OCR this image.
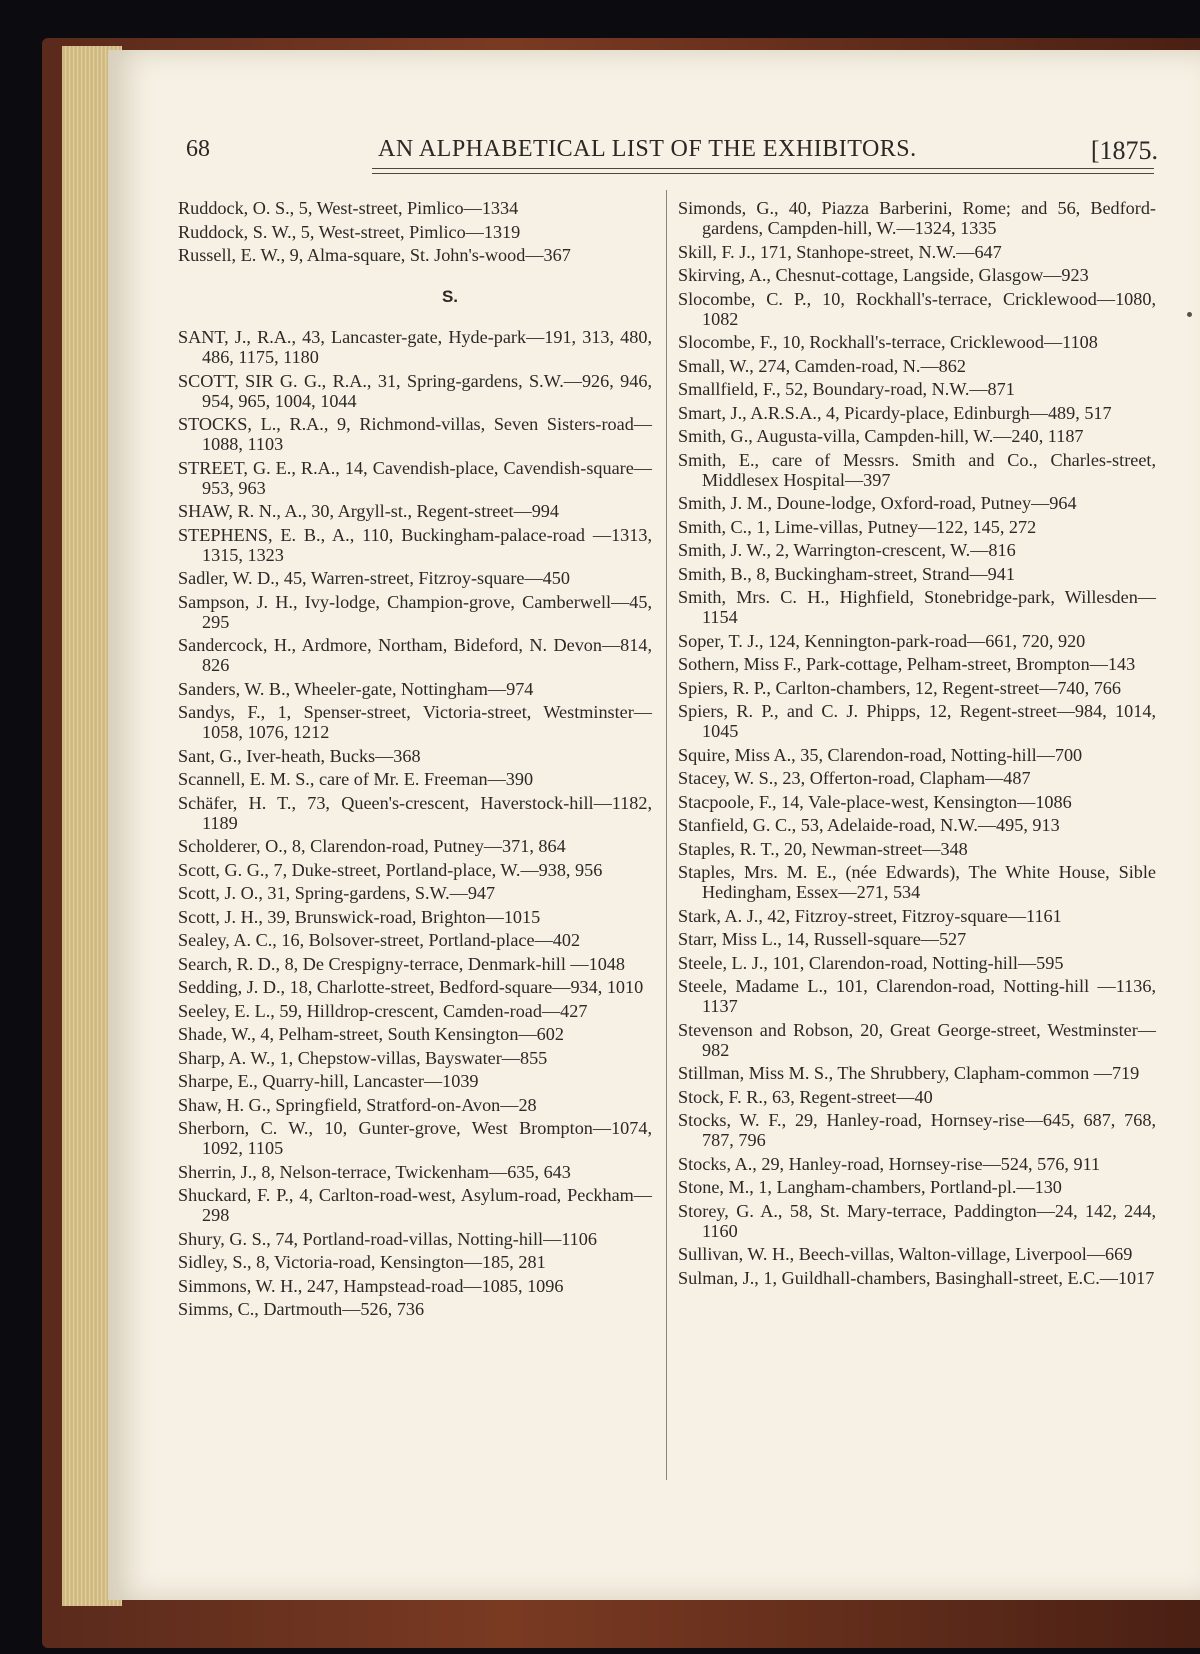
68	AN ALPHABETICAL LIST OF THE EXHIBITORS.	[1875.

Ruddock, O. S., 5, West-street, Pimlico—1334

Ruddock, S. W., 5, West-street, Pimlico—1319

Russell, E. W., 9, Alma-square, St. John's-wood—367

S.

SANT, J., R.A., 43, Lancaster-gate, Hyde-park—191, 313, 480, 486, 1175, 1180

SCOTT, SIR G. G., R.A., 31, Spring-gardens, S.W.—926, 946, 954, 965, 1004, 1044

STOCKS, L., R.A., 9, Richmond-villas, Seven Sisters-road—1088, 1103

STREET, G. E., R.A., 14, Cavendish-place, Cavendish-square—953, 963

SHAW, R. N., A., 30, Argyll-st., Regent-street—994

STEPHENS, E. B., A., 110, Buckingham-palace-road —1313, 1315, 1323

Sadler, W. D., 45, Warren-street, Fitzroy-square—450

Sampson, J. H., Ivy-lodge, Champion-grove, Camberwell—45, 295

Sandercock, H., Ardmore, Northam, Bideford, N. Devon—814, 826

Sanders, W. B., Wheeler-gate, Nottingham—974

Sandys, F., 1, Spenser-street, Victoria-street, Westminster—1058, 1076, 1212

Sant, G., Iver-heath, Bucks—368

Scannell, E. M. S., care of Mr. E. Freeman—390

Schäfer, H. T., 73, Queen's-crescent, Haverstock-hill—1182, 1189

Scholderer, O., 8, Clarendon-road, Putney—371, 864

Scott, G. G., 7, Duke-street, Portland-place, W.—938, 956

Scott, J. O., 31, Spring-gardens, S.W.—947

Scott, J. H., 39, Brunswick-road, Brighton—1015

Sealey, A. C., 16, Bolsover-street, Portland-place—402

Search, R. D., 8, De Crespigny-terrace, Denmark-hill —1048

Sedding, J. D., 18, Charlotte-street, Bedford-square—934, 1010

Seeley, E. L., 59, Hilldrop-crescent, Camden-road—427

Shade, W., 4, Pelham-street, South Kensington—602

Sharp, A. W., 1, Chepstow-villas, Bayswater—855

Sharpe, E., Quarry-hill, Lancaster—1039

Shaw, H. G., Springfield, Stratford-on-Avon—28

Sherborn, C. W., 10, Gunter-grove, West Brompton—1074, 1092, 1105

Sherrin, J., 8, Nelson-terrace, Twickenham—635, 643

Shuckard, F. P., 4, Carlton-road-west, Asylum-road, Peckham—298

Shury, G. S., 74, Portland-road-villas, Notting-hill—1106

Sidley, S., 8, Victoria-road, Kensington—185, 281

Simmons, W. H., 247, Hampstead-road—1085, 1096

Simms, C., Dartmouth—526, 736

Simonds, G., 40, Piazza Barberini, Rome; and 56, Bedford-gardens, Campden-hill, W.—1324, 1335

Skill, F. J., 171, Stanhope-street, N.W.—647

Skirving, A., Chesnut-cottage, Langside, Glasgow—923

Slocombe, C. P., 10, Rockhall's-terrace, Cricklewood—1080, 1082

Slocombe, F., 10, Rockhall's-terrace, Cricklewood—1108

Small, W., 274, Camden-road, N.—862

Smallfield, F., 52, Boundary-road, N.W.—871

Smart, J., A.R.S.A., 4, Picardy-place, Edinburgh—489, 517

Smith, G., Augusta-villa, Campden-hill, W.—240, 1187

Smith, E., care of Messrs. Smith and Co., Charles-street, Middlesex Hospital—397

Smith, J. M., Doune-lodge, Oxford-road, Putney—964

Smith, C., 1, Lime-villas, Putney—122, 145, 272

Smith, J. W., 2, Warrington-crescent, W.—816

Smith, B., 8, Buckingham-street, Strand—941

Smith, Mrs. C. H., Highfield, Stonebridge-park, Willesden—1154

Soper, T. J., 124, Kennington-park-road—661, 720, 920

Sothern, Miss F., Park-cottage, Pelham-street, Brompton—143

Spiers, R. P., Carlton-chambers, 12, Regent-street—740, 766

Spiers, R. P., and C. J. Phipps, 12, Regent-street—984, 1014, 1045

Squire, Miss A., 35, Clarendon-road, Notting-hill—700

Stacey, W. S., 23, Offerton-road, Clapham—487

Stacpoole, F., 14, Vale-place-west, Kensington—1086

Stanfield, G. C., 53, Adelaide-road, N.W.—495, 913

Staples, R. T., 20, Newman-street—348

Staples, Mrs. M. E., (née Edwards), The White House, Sible Hedingham, Essex—271, 534

Stark, A. J., 42, Fitzroy-street, Fitzroy-square—1161

Starr, Miss L., 14, Russell-square—527

Steele, L. J., 101, Clarendon-road, Notting-hill—595

Steele, Madame L., 101, Clarendon-road, Notting-hill —1136, 1137

Stevenson and Robson, 20, Great George-street, Westminster—982

Stillman, Miss M. S., The Shrubbery, Clapham-common —719

Stock, F. R., 63, Regent-street—40

Stocks, W. F., 29, Hanley-road, Hornsey-rise—645, 687, 768, 787, 796

Stocks, A., 29, Hanley-road, Hornsey-rise—524, 576, 911

Stone, M., 1, Langham-chambers, Portland-pl.—130

Storey, G. A., 58, St. Mary-terrace, Paddington—24, 142, 244, 1160

Sullivan, W. H., Beech-villas, Walton-village, Liverpool—669

Sulman, J., 1, Guildhall-chambers, Basinghall-street, E.C.—1017
